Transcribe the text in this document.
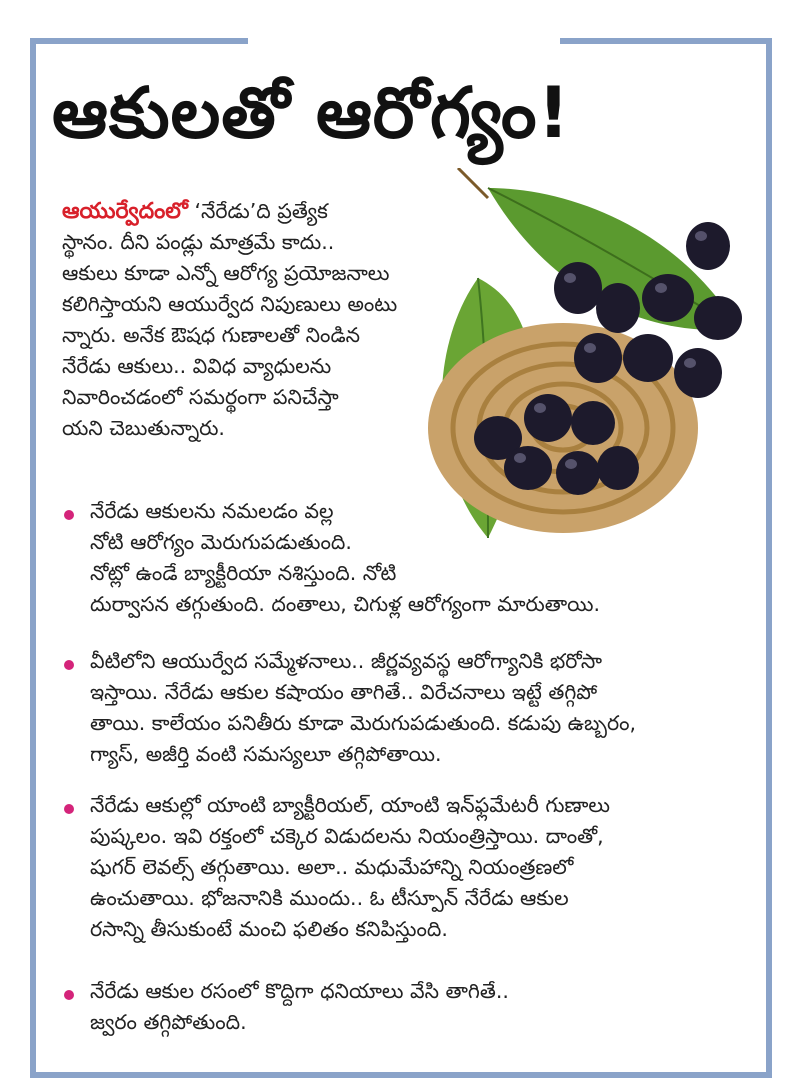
ఆకులతో ఆరోగ్యం!
ఆయుర్వేదంలో ‘నేరేడు’ది ప్రత్యేక
స్థానం. దీని పండ్లు మాత్రమే కాదు..
ఆకులు కూడా ఎన్నో ఆరోగ్య ప్రయోజనాలు
కలిగిస్తాయని ఆయుర్వేద నిపుణులు అంటు
న్నారు. అనేక ఔషధ గుణాలతో నిండిన
నేరేడు ఆకులు.. వివిధ వ్యాధులను
నివారించడంలో సమర్థంగా పనిచేస్తా
యని చెబుతున్నారు.
నేరేడు ఆకులను నమలడం వల్ల
నోటి ఆరోగ్యం మెరుగుపడుతుంది.
నోట్లో ఉండే బ్యాక్టీరియా నశిస్తుంది. నోటి
దుర్వాసన తగ్గుతుంది. దంతాలు, చిగుళ్ల ఆరోగ్యంగా మారుతాయి.
వీటిలోని ఆయుర్వేద సమ్మేళనాలు.. జీర్ణవ్యవస్థ ఆరోగ్యానికి భరోసా
ఇస్తాయి. నేరేడు ఆకుల కషాయం తాగితే.. విరేచనాలు ఇట్టే తగ్గిపో
తాయి. కాలేయం పనితీరు కూడా మెరుగుపడుతుంది. కడుపు ఉబ్బరం,
గ్యాస్, అజీర్తి వంటి సమస్యలూ తగ్గిపోతాయి.
నేరేడు ఆకుల్లో యాంటి బ్యాక్టీరియల్, యాంటి ఇన్‌ఫ్లమేటరీ గుణాలు
పుష్కలం. ఇవి రక్తంలో చక్కెర విడుదలను నియంత్రిస్తాయి. దాంతో,
షుగర్ లెవల్స్ తగ్గుతాయి. అలా.. మధుమేహాన్ని నియంత్రణలో
ఉంచుతాయి. భోజనానికి ముందు.. ఓ టీస్పూన్ నేరేడు ఆకుల
రసాన్ని తీసుకుంటే మంచి ఫలితం కనిపిస్తుంది.
నేరేడు ఆకుల రసంలో కొద్దిగా ధనియాలు వేసి తాగితే..
జ్వరం తగ్గిపోతుంది.
